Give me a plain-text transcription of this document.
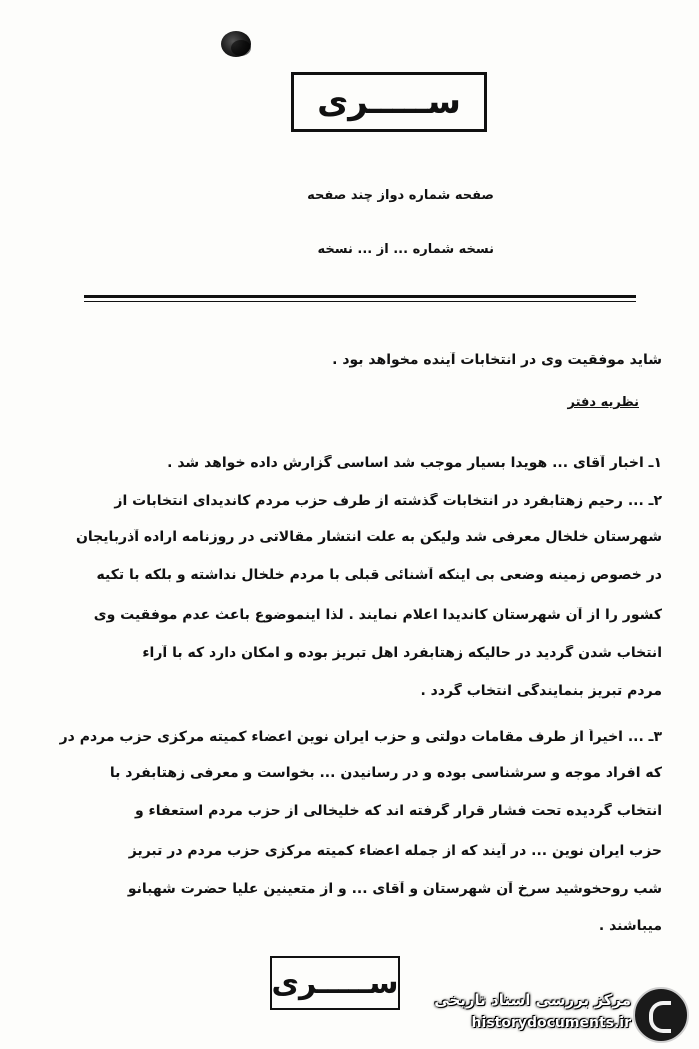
ســـــری
صفحه شماره دواز چند صفحه
نسخه شماره ... از ... نسخه
شاید موفقیت وی در انتخابات آینده مخواهد بود .
نظریه دفتر
۱ـ اخبار آقای ... هویدا بسیار موجب شد اساسی گزارش داده خواهد شد .
۲ـ ... رحیم زهتابفرد در انتخابات گذشته از طرف حزب مردم کاندیدای انتخابات از
شهرستان خلخال معرفی شد ولیکن به علت انتشار مقالاتی در روزنامه اراده آذربایجان
در خصوص زمینه وضعی بی اینکه آشنائی قبلی با مردم خلخال نداشته و بلکه با تکیه
کشور را از آن شهرستان کاندیدا اعلام نمایند . لذا اینموضوع باعث عدم موفقیت وی
انتخاب شدن گردید در حالیکه زهتابفرد اهل تبریز بوده و امکان دارد که با آراء
مردم تبریز بنمایندگی انتخاب گردد .
۳ـ ... اخیراً از طرف مقامات دولتی و حزب ایران نوین اعضاء کمیته مرکزی حزب مردم در
که افراد موجه و سرشناسی بوده و در رسانیدن ... بخواست و معرفی زهتابفرد با
انتخاب گردیده تحت فشار قرار گرفته اند که خلیخالی از حزب مردم استعفاء و
حزب ایران نوین ... در آیند که از جمله اعضاء کمیته مرکزی حزب مردم در تبریز
شب روحخوشید سرخ آن شهرستان و آقای ... و از متعینین علیا حضرت شهبانو
میباشند .
ســـــری مرکز بررسی اسناد تاریخی
historydocuments.ir
